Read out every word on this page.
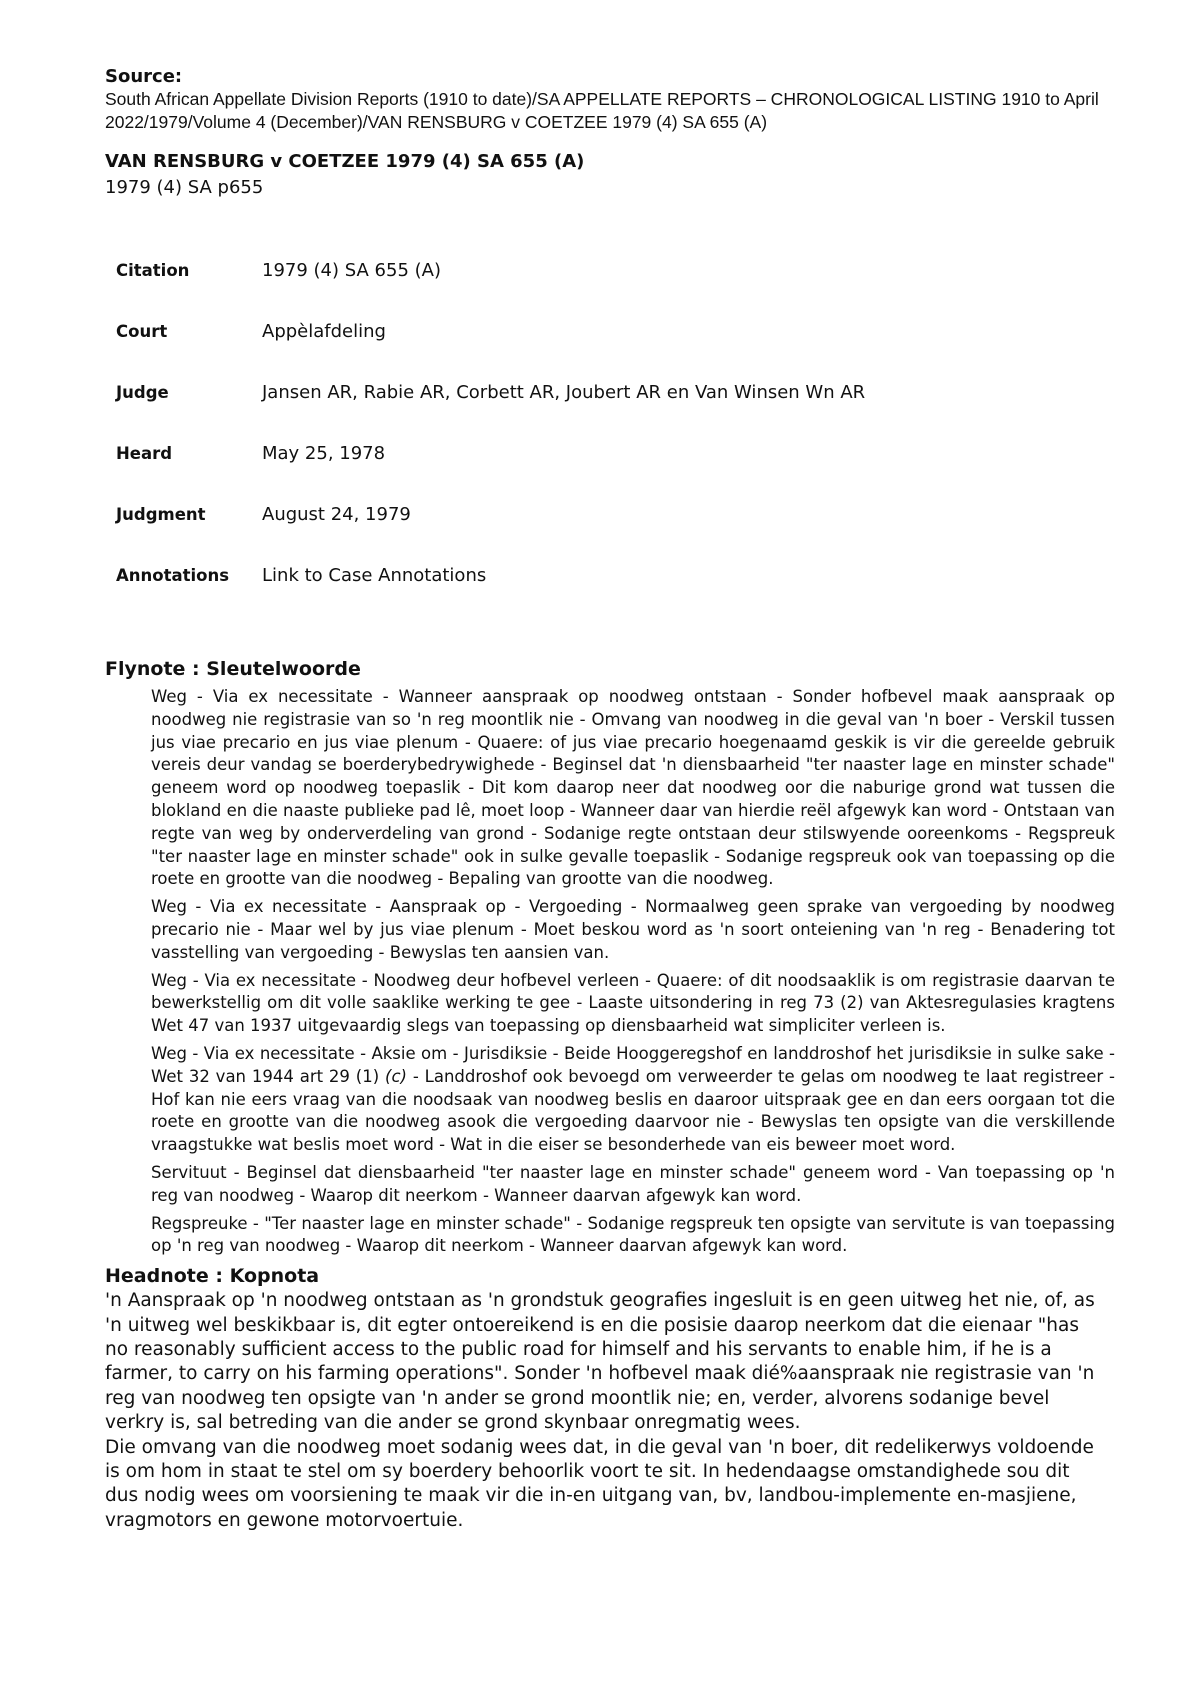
Source:

South African Appellate Division Reports (1910 to date)/SA APPELLATE REPORTS – CHRONOLOGICAL LISTING 1910 to April 2022/1979/Volume 4 (December)/VAN RENSBURG v COETZEE 1979 (4) SA 655 (A)

VAN RENSBURG v COETZEE 1979 (4) SA 655 (A)

1979 (4) SA p655

Citation	1979 (4) SA 655 (A)
Court	Appèlafdeling
Judge	Jansen AR, Rabie AR, Corbett AR, Joubert AR en Van Winsen Wn AR
Heard	May 25, 1978
Judgment	August 24, 1979
Annotations	Link to Case Annotations

Flynote : Sleutelwoorde

Weg - Via ex necessitate - Wanneer aanspraak op noodweg ontstaan - Sonder hofbevel maak aanspraak op noodweg nie registrasie van so 'n reg moontlik nie - Omvang van noodweg in die geval van 'n boer - Verskil tussen jus viae precario en jus viae plenum - Quaere: of jus viae precario hoegenaamd geskik is vir die gereelde gebruik vereis deur vandag se boerderybedrywighede - Beginsel dat 'n diensbaarheid "ter naaster lage en minster schade" geneem word op noodweg toepaslik - Dit kom daarop neer dat noodweg oor die naburige grond wat tussen die blokland en die naaste publieke pad lê, moet loop - Wanneer daar van hierdie reël afgewyk kan word - Ontstaan van regte van weg by onderverdeling van grond - Sodanige regte ontstaan deur stilswyende ooreenkoms - Regspreuk "ter naaster lage en minster schade" ook in sulke gevalle toepaslik - Sodanige regspreuk ook van toepassing op die roete en grootte van die noodweg - Bepaling van grootte van die noodweg.

Weg - Via ex necessitate - Aanspraak op - Vergoeding - Normaalweg geen sprake van vergoeding by noodweg precario nie - Maar wel by jus viae plenum - Moet beskou word as 'n soort onteiening van 'n reg - Benadering tot vasstelling van vergoeding - Bewyslas ten aansien van.

Weg - Via ex necessitate - Noodweg deur hofbevel verleen - Quaere: of dit noodsaaklik is om registrasie daarvan te bewerkstellig om dit volle saaklike werking te gee - Laaste uitsondering in reg 73 (2) van Aktesregulasies kragtens Wet 47 van 1937 uitgevaardig slegs van toepassing op diensbaarheid wat simpliciter verleen is.

Weg - Via ex necessitate - Aksie om - Jurisdiksie - Beide Hooggeregshof en landdroshof het jurisdiksie in sulke sake - Wet 32 van 1944 art 29 (1) (c) - Landdroshof ook bevoegd om verweerder te gelas om noodweg te laat registreer - Hof kan nie eers vraag van die noodsaak van noodweg beslis en daaroor uitspraak gee en dan eers oorgaan tot die roete en grootte van die noodweg asook die vergoeding daarvoor nie - Bewyslas ten opsigte van die verskillende vraagstukke wat beslis moet word - Wat in die eiser se besonderhede van eis beweer moet word.

Servituut - Beginsel dat diensbaarheid "ter naaster lage en minster schade" geneem word - Van toepassing op 'n reg van noodweg - Waarop dit neerkom - Wanneer daarvan afgewyk kan word.

Regspreuke - "Ter naaster lage en minster schade" - Sodanige regspreuk ten opsigte van servitute is van toepassing op 'n reg van noodweg - Waarop dit neerkom - Wanneer daarvan afgewyk kan word.

Headnote : Kopnota

'n Aanspraak op 'n noodweg ontstaan as 'n grondstuk geografies ingesluit is en geen uitweg het nie, of, as 'n uitweg wel beskikbaar is, dit egter ontoereikend is en die posisie daarop neerkom dat die eienaar "has no reasonably sufficient access to the public road for himself and his servants to enable him, if he is a farmer, to carry on his farming operations". Sonder 'n hofbevel maak dié%aanspraak nie registrasie van 'n reg van noodweg ten opsigte van 'n ander se grond moontlik nie; en, verder, alvorens sodanige bevel verkry is, sal betreding van die ander se grond skynbaar onregmatig wees.

Die omvang van die noodweg moet sodanig wees dat, in die geval van 'n boer, dit redelikerwys voldoende is om hom in staat te stel om sy boerdery behoorlik voort te sit. In hedendaagse omstandighede sou dit dus nodig wees om voorsiening te maak vir die in-en uitgang van, bv, landbou-implemente en-masjiene, vragmotors en gewone motorvoertuie.
